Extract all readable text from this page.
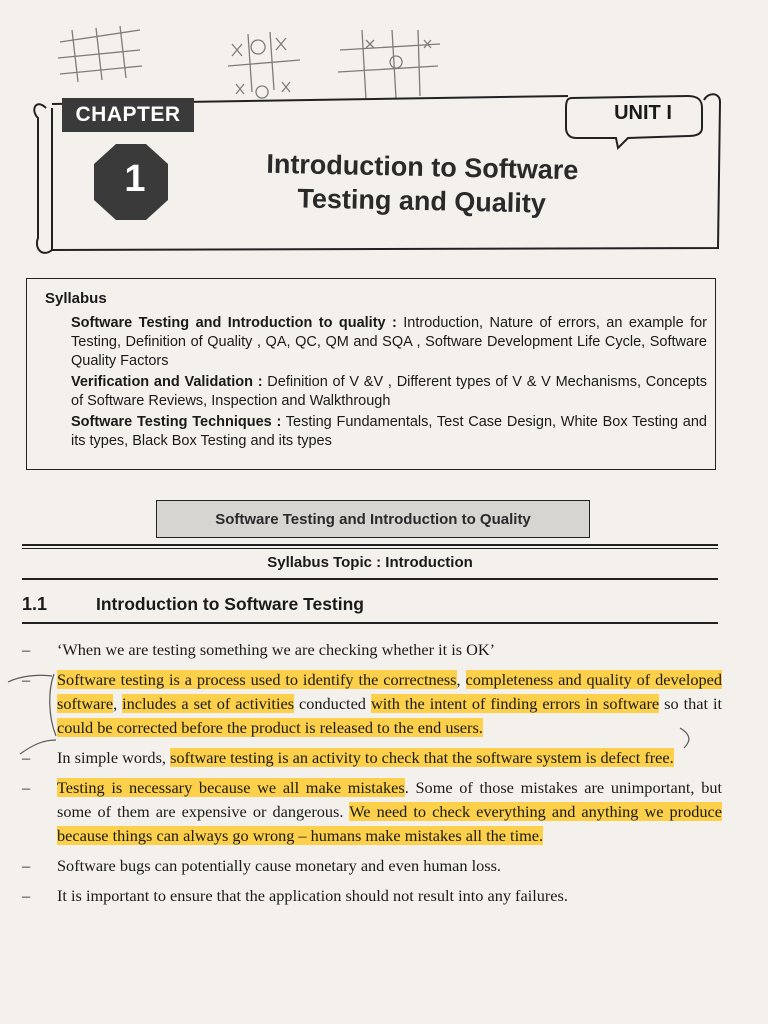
CHAPTER	UNIT I
1	Introduction to Software
Testing and Quality
Syllabus
Software Testing and Introduction to quality : Introduction, Nature of errors, an example for Testing, Definition of Quality , QA, QC, QM and SQA , Software Development Life Cycle, Software Quality Factors
Verification and Validation : Definition of V &V , Different types of V & V Mechanisms, Concepts of Software Reviews, Inspection and Walkthrough
Software Testing Techniques : Testing Fundamentals, Test Case Design, White Box Testing and its types, Black Box Testing and its types
Software Testing and Introduction to Quality
Syllabus Topic : Introduction
1.1	Introduction to Software Testing
– ‘When we are testing something we are checking whether it is OK’
– Software testing is a process used to identify the correctness, completeness and quality of developed software, includes a set of activities conducted with the intent of finding errors in software so that it could be corrected before the product is released to the end users.
– In simple words, software testing is an activity to check that the software system is defect free.
– Testing is necessary because we all make mistakes. Some of those mistakes are unimportant, but some of them are expensive or dangerous. We need to check everything and anything we produce because things can always go wrong – humans make mistakes all the time.
– Software bugs can potentially cause monetary and even human loss.
– It is important to ensure that the application should not result into any failures.
